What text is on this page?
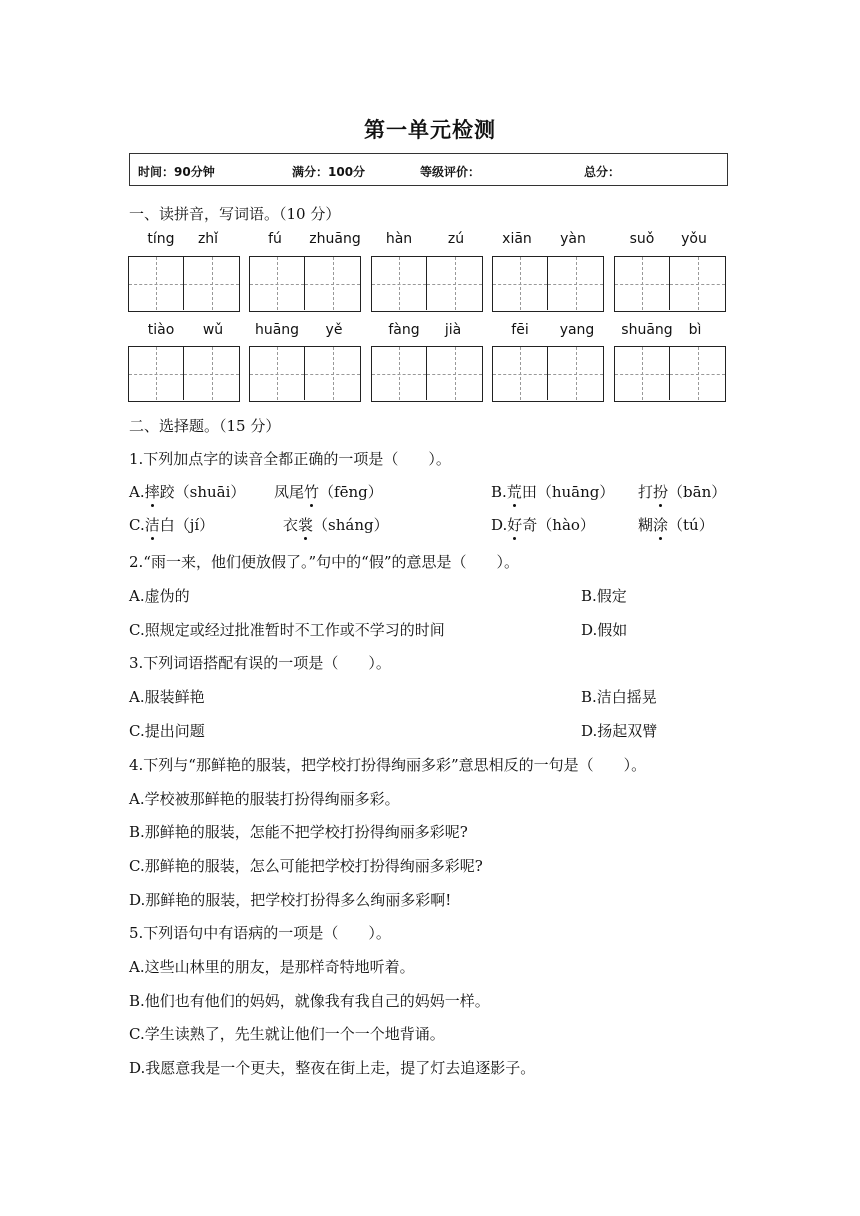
第一单元检测
时间：90分钟	满分：100分	等级评价：	总分：
一、读拼音，写词语。（10 分）
tíng	zhǐ	fú	zhuāng	hàn	zú	xiān	yàn	suǒ	yǒu
tiào	wǔ	huāng	yě	fàng	jià	fēi	yang	shuāng	bì
二、选择题。（15 分）
1.下列加点字的读音全都正确的一项是（　　）。
A.摔跤（shuāi） 凤尾竹（fēng）	B.荒田（huāng） 打扮（bān）
C.洁白（jí）	衣裳（sháng）	D.好奇（hào）	糊涂（tú）
2.“雨一来，他们便放假了。”句中的“假”的意思是（　　）。
A.虚伪的	B.假定
C.照规定或经过批准暂时不工作或不学习的时间	D.假如
3.下列词语搭配有误的一项是（　　）。
A.服装鲜艳	B.洁白摇晃
C.提出问题	D.扬起双臂
4.下列与“那鲜艳的服装，把学校打扮得绚丽多彩”意思相反的一句是（　　）。
A.学校被那鲜艳的服装打扮得绚丽多彩。
B.那鲜艳的服装，怎能不把学校打扮得绚丽多彩呢?
C.那鲜艳的服装，怎么可能把学校打扮得绚丽多彩呢?
D.那鲜艳的服装，把学校打扮得多么绚丽多彩啊!
5.下列语句中有语病的一项是（　　）。
A.这些山林里的朋友，是那样奇特地听着。
B.他们也有他们的妈妈，就像我有我自己的妈妈一样。
C.学生读熟了，先生就让他们一个一个地背诵。
D.我愿意我是一个更夫，整夜在街上走，提了灯去追逐影子。
